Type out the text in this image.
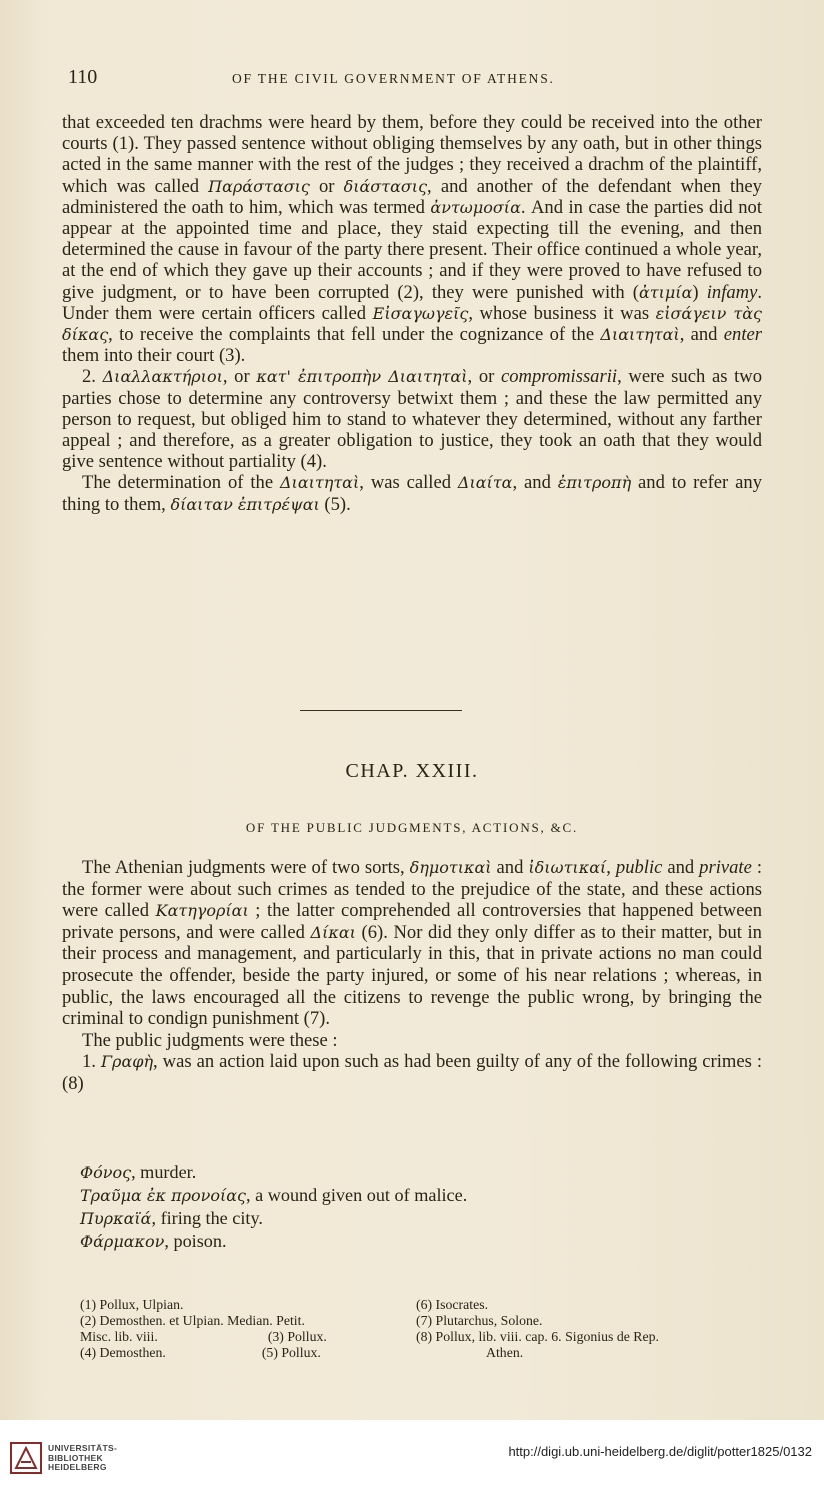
110	OF THE CIVIL GOVERNMENT OF ATHENS.

that exceeded ten drachms were heard by them, before they could be received into the other courts (1). They passed sentence without obliging themselves by any oath, but in other things acted in the same manner with the rest of the judges ; they received a drachm of the plaintiff, which was called Παράστασις or διάστασις, and another of the defendant when they administered the oath to him, which was termed ἀντωμοσία. And in case the parties did not appear at the appointed time and place, they staid expecting till the evening, and then determined the cause in favour of the party there present. Their office continued a whole year, at the end of which they gave up their accounts ; and if they were proved to have refused to give judgment, or to have been corrupted (2), they were punished with (ἀτιμία) infamy. Under them were certain officers called Εἰσαγωγεῖς, whose business it was εἰσάγειν τὰς δίκας, to receive the complaints that fell under the cognizance of the Διαιτηταὶ, and enter them into their court (3).

2. Διαλλακτήριοι, or κατ' ἐπιτροπὴν Διαιτηταὶ, or compromissarii, were such as two parties chose to determine any controversy betwixt them ; and these the law permitted any person to request, but obliged him to stand to whatever they determined, without any farther appeal ; and therefore, as a greater obligation to justice, they took an oath that they would give sentence without partiality (4).

The determination of the Διαιτηταὶ, was called Διαίτα, and ἐπιτροπὴ and to refer any thing to them, δίαιταν ἐπιτρέψαι (5).

CHAP. XXIII.
OF THE PUBLIC JUDGMENTS, ACTIONS, &C.

The Athenian judgments were of two sorts, δημοτικαὶ and ἰδιωτικαί, public and private : the former were about such crimes as tended to the prejudice of the state, and these actions were called Κατηγορίαι ; the latter comprehended all controversies that happened between private persons, and were called Δίκαι (6). Nor did they only differ as to their matter, but in their process and management, and particularly in this, that in private actions no man could prosecute the offender, beside the party injured, or some of his near relations ; whereas, in public, the laws encouraged all the citizens to revenge the public wrong, by bringing the criminal to condign punishment (7).

The public judgments were these :

1. Γραφὴ, was an action laid upon such as had been guilty of any of the following crimes : (8)

Φόνος, murder.

Τραῦμα ἐκ προνοίας, a wound given out of malice.

Πυρκαϊά, firing the city.

Φάρμακον, poison.

(1) Pollux, Ulpian.

(2) Demosthen. et Ulpian. Median. Petit.

Misc. lib. viii.	(3) Pollux.

(4) Demosthen.	(5) Pollux.

(6) Isocrates.

(7) Plutarchus, Solone.

(8) Pollux, lib. viii. cap. 6. Sigonius de Rep.

Athen.

UNIVERSITÄTS-
BIBLIOTHEK
HEIDELBERG
http://digi.ub.uni-heidelberg.de/diglit/potter1825/0132
